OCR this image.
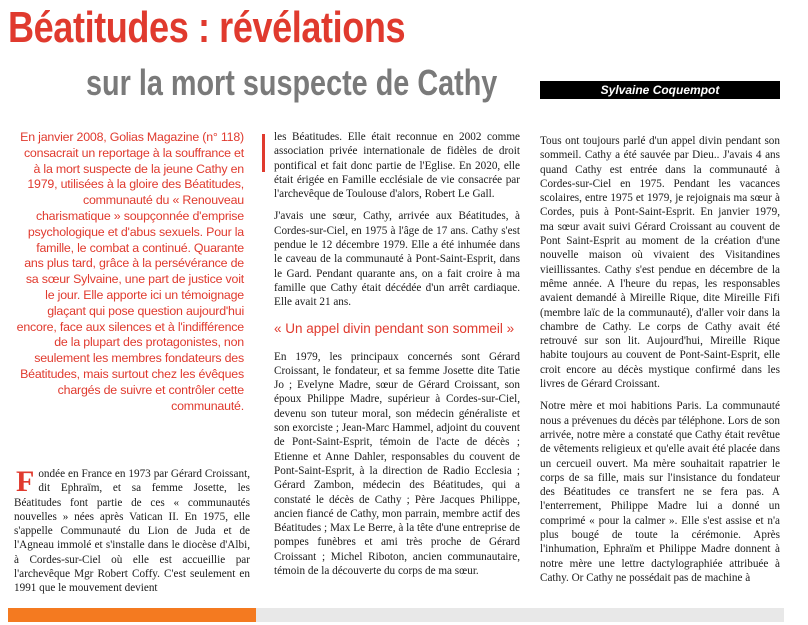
Béatitudes : révélations
sur la mort suspecte de Cathy	Sylvaine Coquempot
En janvier 2008, Golias Magazine (n° 118) consacrait un reportage à la souffrance et à la mort suspecte de la jeune Cathy en 1979, utilisées à la gloire des Béatitudes, communauté du « Renouveau charismatique » soupçonnée d'emprise psychologique et d'abus sexuels. Pour la famille, le combat a continué. Quarante ans plus tard, grâce à la persévérance de sa sœur Sylvaine, une part de justice voit le jour. Elle apporte ici un témoignage glaçant qui pose question aujourd'hui encore, face aux silences et à l'indifférence de la plupart des protagonistes, non seulement les membres fondateurs des Béatitudes, mais surtout chez les évêques chargés de suivre et contrôler cette communauté.
Fondée en France en 1973 par Gérard Croissant, dit Ephraïm, et sa femme Josette, les Béatitudes font partie de ces « communautés nouvelles » nées après Vatican II. En 1975, elle s'appelle Communauté du Lion de Juda et de l'Agneau immolé et s'installe dans le diocèse d'Albi, à Cordes-sur-Ciel où elle est accueillie par l'archevêque Mgr Robert Coffy. C'est seulement en 1991 que le mouvement devient

les Béatitudes. Elle était reconnue en 2002 comme association privée internationale de fidèles de droit pontifical et fait donc partie de l'Eglise. En 2020, elle était érigée en Famille ecclésiale de vie consacrée par l'archevêque de Toulouse d'alors, Robert Le Gall.

J'avais une sœur, Cathy, arrivée aux Béatitudes, à Cordes-sur-Ciel, en 1975 à l'âge de 17 ans. Cathy s'est pendue le 12 décembre 1979. Elle a été inhumée dans le caveau de la communauté à Pont-Saint-Esprit, dans le Gard. Pendant quarante ans, on a fait croire à ma famille que Cathy était décédée d'un arrêt cardiaque. Elle avait 21 ans.

« Un appel divin pendant son sommeil »

En 1979, les principaux concernés sont Gérard Croissant, le fondateur, et sa femme Josette dite Tatie Jo ; Evelyne Madre, sœur de Gérard Croissant, son époux Philippe Madre, supérieur à Cordes-sur-Ciel, devenu son tuteur moral, son médecin généraliste et son exorciste ; Jean-Marc Hammel, adjoint du couvent de Pont-Saint-Esprit, témoin de l'acte de décès ; Etienne et Anne Dahler, responsables du couvent de Pont-Saint-Esprit, à la direction de Radio Ecclesia ; Gérard Zambon, médecin des Béatitudes, qui a constaté le décès de Cathy ; Père Jacques Philippe, ancien fiancé de Cathy, mon parrain, membre actif des Béatitudes ; Max Le Berre, à la tête d'une entreprise de pompes funèbres et ami très proche de Gérard Croissant ; Michel Riboton, ancien communautaire, témoin de la découverte du corps de ma sœur.

Tous ont toujours parlé d'un appel divin pendant son sommeil. Cathy a été sauvée par Dieu.. J'avais 4 ans quand Cathy est entrée dans la communauté à Cordes-sur-Ciel en 1975. Pendant les vacances scolaires, entre 1975 et 1979, je rejoignais ma sœur à Cordes, puis à Pont-Saint-Esprit. En janvier 1979, ma sœur avait suivi Gérard Croissant au couvent de Pont Saint-Esprit au moment de la création d'une nouvelle maison où vivaient des Visitandines vieillissantes. Cathy s'est pendue en décembre de la même année. A l'heure du repas, les responsables avaient demandé à Mireille Rique, dite Mireille Fifi (membre laïc de la communauté), d'aller voir dans la chambre de Cathy. Le corps de Cathy avait été retrouvé sur son lit. Aujourd'hui, Mireille Rique habite toujours au couvent de Pont-Saint-Esprit, elle croit encore au décès mystique confirmé dans les livres de Gérard Croissant.

Notre mère et moi habitions Paris. La communauté nous a prévenues du décès par téléphone. Lors de son arrivée, notre mère a constaté que Cathy était revêtue de vêtements religieux et qu'elle avait été placée dans un cercueil ouvert. Ma mère souhaitait rapatrier le corps de sa fille, mais sur l'insistance du fondateur des Béatitudes ce transfert ne se fera pas. A l'enterrement, Philippe Madre lui a donné un comprimé « pour la calmer ». Elle s'est assise et n'a plus bougé de toute la cérémonie. Après l'inhumation, Ephraïm et Philippe Madre donnent à notre mère une lettre dactylographiée attribuée à Cathy. Or Cathy ne possédait pas de machine à
